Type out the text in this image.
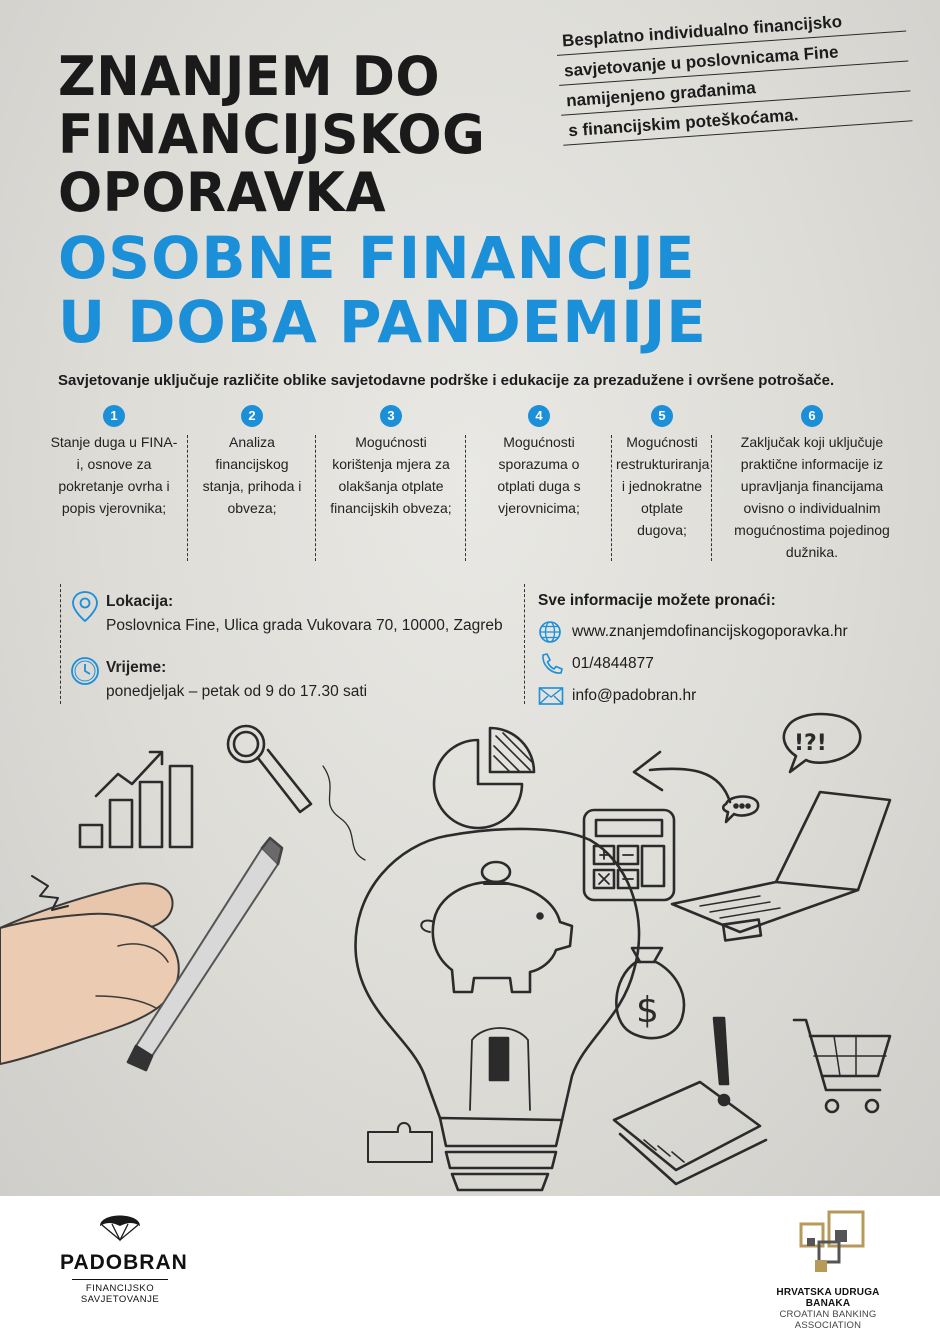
ZNANJEM DO
FINANCIJSKOG
OPORAVKA
OSOBNE FINANCIJE
U DOBA PANDEMIJE
Besplatno individualno financijsko
savjetovanje u poslovnicama Fine
namijenjeno građanima
s financijskim poteškoćama.
Savjetovanje uključuje različite oblike savjetodavne podrške i edukacije za prezadužene i ovršene potrošače.
1
Stanje duga u FINA-i, osnove za pokretanje ovrha i popis vjerovnika;
2
Analiza financijskog stanja, prihoda i obveza;
3
Mogućnosti korištenja mjera za olakšanja otplate financijskih obveza;
4
Mogućnosti sporazuma o otplati duga s vjerovnicima;
5
Mogućnosti restrukturiranja i jednokratne otplate dugova;
6
Zaključak koji uključuje praktične informacije iz upravljanja financijama ovisno o individualnim mogućnostima pojedinog dužnika.
Lokacija:
Poslovnica Fine, Ulica grada Vukovara 70, 10000, Zagreb
Vrijeme:
ponedjeljak – petak od 9 do 17.30 sati
Sve informacije možete pronaći:
www.znanjemdofinancijskogoporavka.hr
01/4844877
info@padobran.hr
!?!
$
PADOBRAN
FINANCIJSKO
SAVJETOVANJE
HRVATSKA UDRUGA BANAKA
CROATIAN BANKING ASSOCIATION
